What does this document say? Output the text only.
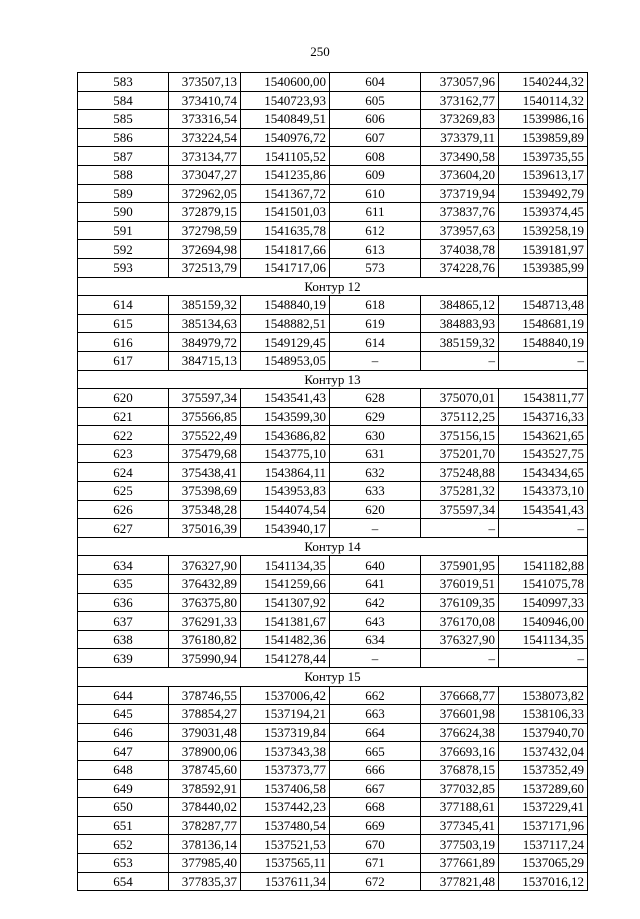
250
583	373507,13	1540600,00	604	373057,96	1540244,32
584	373410,74	1540723,93	605	373162,77	1540114,32
585	373316,54	1540849,51	606	373269,83	1539986,16
586	373224,54	1540976,72	607	373379,11	1539859,89
587	373134,77	1541105,52	608	373490,58	1539735,55
588	373047,27	1541235,86	609	373604,20	1539613,17
589	372962,05	1541367,72	610	373719,94	1539492,79
590	372879,15	1541501,03	611	373837,76	1539374,45
591	372798,59	1541635,78	612	373957,63	1539258,19
592	372694,98	1541817,66	613	374038,78	1539181,97
593	372513,79	1541717,06	573	374228,76	1539385,99
Контур 12					
614	385159,32	1548840,19	618	384865,12	1548713,48
615	385134,63	1548882,51	619	384883,93	1548681,19
616	384979,72	1549129,45	614	385159,32	1548840,19
617	384715,13	1548953,05	–	–	–
Контур 13					
620	375597,34	1543541,43	628	375070,01	1543811,77
621	375566,85	1543599,30	629	375112,25	1543716,33
622	375522,49	1543686,82	630	375156,15	1543621,65
623	375479,68	1543775,10	631	375201,70	1543527,75
624	375438,41	1543864,11	632	375248,88	1543434,65
625	375398,69	1543953,83	633	375281,32	1543373,10
626	375348,28	1544074,54	620	375597,34	1543541,43
627	375016,39	1543940,17	–	–	–
Контур 14					
634	376327,90	1541134,35	640	375901,95	1541182,88
635	376432,89	1541259,66	641	376019,51	1541075,78
636	376375,80	1541307,92	642	376109,35	1540997,33
637	376291,33	1541381,67	643	376170,08	1540946,00
638	376180,82	1541482,36	634	376327,90	1541134,35
639	375990,94	1541278,44	–	–	–
Контур 15					
644	378746,55	1537006,42	662	376668,77	1538073,82
645	378854,27	1537194,21	663	376601,98	1538106,33
646	379031,48	1537319,84	664	376624,38	1537940,70
647	378900,06	1537343,38	665	376693,16	1537432,04
648	378745,60	1537373,77	666	376878,15	1537352,49
649	378592,91	1537406,58	667	377032,85	1537289,60
650	378440,02	1537442,23	668	377188,61	1537229,41
651	378287,77	1537480,54	669	377345,41	1537171,96
652	378136,14	1537521,53	670	377503,19	1537117,24
653	377985,40	1537565,11	671	377661,89	1537065,29
654	377835,37	1537611,34	672	377821,48	1537016,12
